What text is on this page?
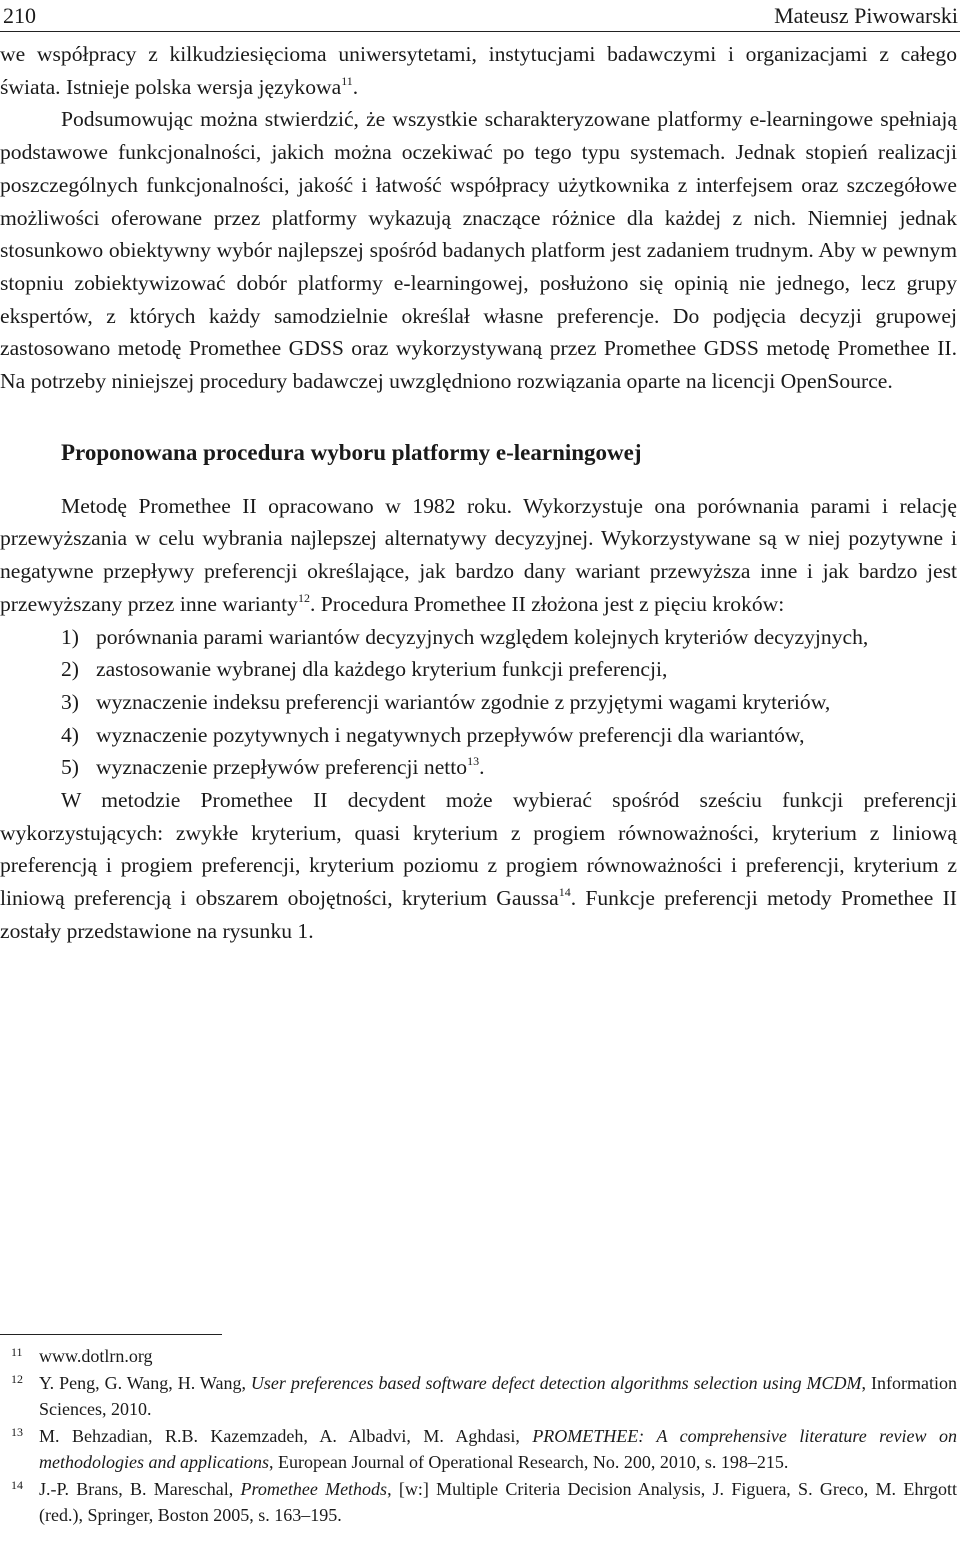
210	Mateusz Piwowarski

we współpracy z kilkudziesięcioma uniwersytetami, instytucjami badawczymi i organizacjami z całego świata. Istnieje polska wersja językowa$^{11}$.

Podsumowując można stwierdzić, że wszystkie scharakteryzowane platformy e-learningowe spełniają podstawowe funkcjonalności, jakich można oczekiwać po tego typu systemach. Jednak stopień realizacji poszczególnych funkcjonalności, jakość i łatwość współpracy użytkownika z interfejsem oraz szczegółowe możliwości oferowane przez platformy wykazują znaczące różnice dla każdej z nich. Niemniej jednak stosunkowo obiektywny wybór najlepszej spośród badanych platform jest zadaniem trudnym. Aby w pewnym stopniu zobiektywizować dobór platformy e-learningowej, posłużono się opinią nie jednego, lecz grupy ekspertów, z których każdy samodzielnie określał własne preferencje. Do podjęcia decyzji grupowej zastosowano metodę Promethee GDSS oraz wykorzystywaną przez Promethee GDSS metodę Promethee II. Na potrzeby niniejszej procedury badawczej uwzględniono rozwiązania oparte na licencji OpenSource.

Proponowana procedura wyboru platformy e-learningowej

Metodę Promethee II opracowano w 1982 roku. Wykorzystuje ona porównania parami i relację przewyższania w celu wybrania najlepszej alternatywy decyzyjnej. Wykorzystywane są w niej pozytywne i negatywne przepływy preferencji określające, jak bardzo dany wariant przewyższa inne i jak bardzo jest przewyższany przez inne warianty$^{12}$. Procedura Promethee II złożona jest z pięciu kroków:

1) porównania parami wariantów decyzyjnych względem kolejnych kryteriów decyzyjnych,
2) zastosowanie wybranej dla każdego kryterium funkcji preferencji,
3) wyznaczenie indeksu preferencji wariantów zgodnie z przyjętymi wagami kryteriów,
4) wyznaczenie pozytywnych i negatywnych przepływów preferencji dla wariantów,
5) wyznaczenie przepływów preferencji netto$^{13}$.

W metodzie Promethee II decydent może wybierać spośród sześciu funkcji preferencji wykorzystujących: zwykłe kryterium, quasi kryterium z progiem równoważności, kryterium z liniową preferencją i progiem preferencji, kryterium poziomu z progiem równoważności i preferencji, kryterium z liniową preferencją i obszarem obojętności, kryterium Gaussa$^{14}$. Funkcje preferencji metody Promethee II zostały przedstawione na rysunku 1.

11 www.dotlrn.org
12 Y. Peng, G. Wang, H. Wang, User preferences based software defect detection algorithms selection using MCDM, Information Sciences, 2010.
13 M. Behzadian, R.B. Kazemzadeh, A. Albadvi, M. Aghdasi, PROMETHEE: A comprehensive literature review on methodologies and applications, European Journal of Operational Research, No. 200, 2010, s. 198–215.
14 J.-P. Brans, B. Mareschal, Promethee Methods, [w:] Multiple Criteria Decision Analysis, J. Figuera, S. Greco, M. Ehrgott (red.), Springer, Boston 2005, s. 163–195.
